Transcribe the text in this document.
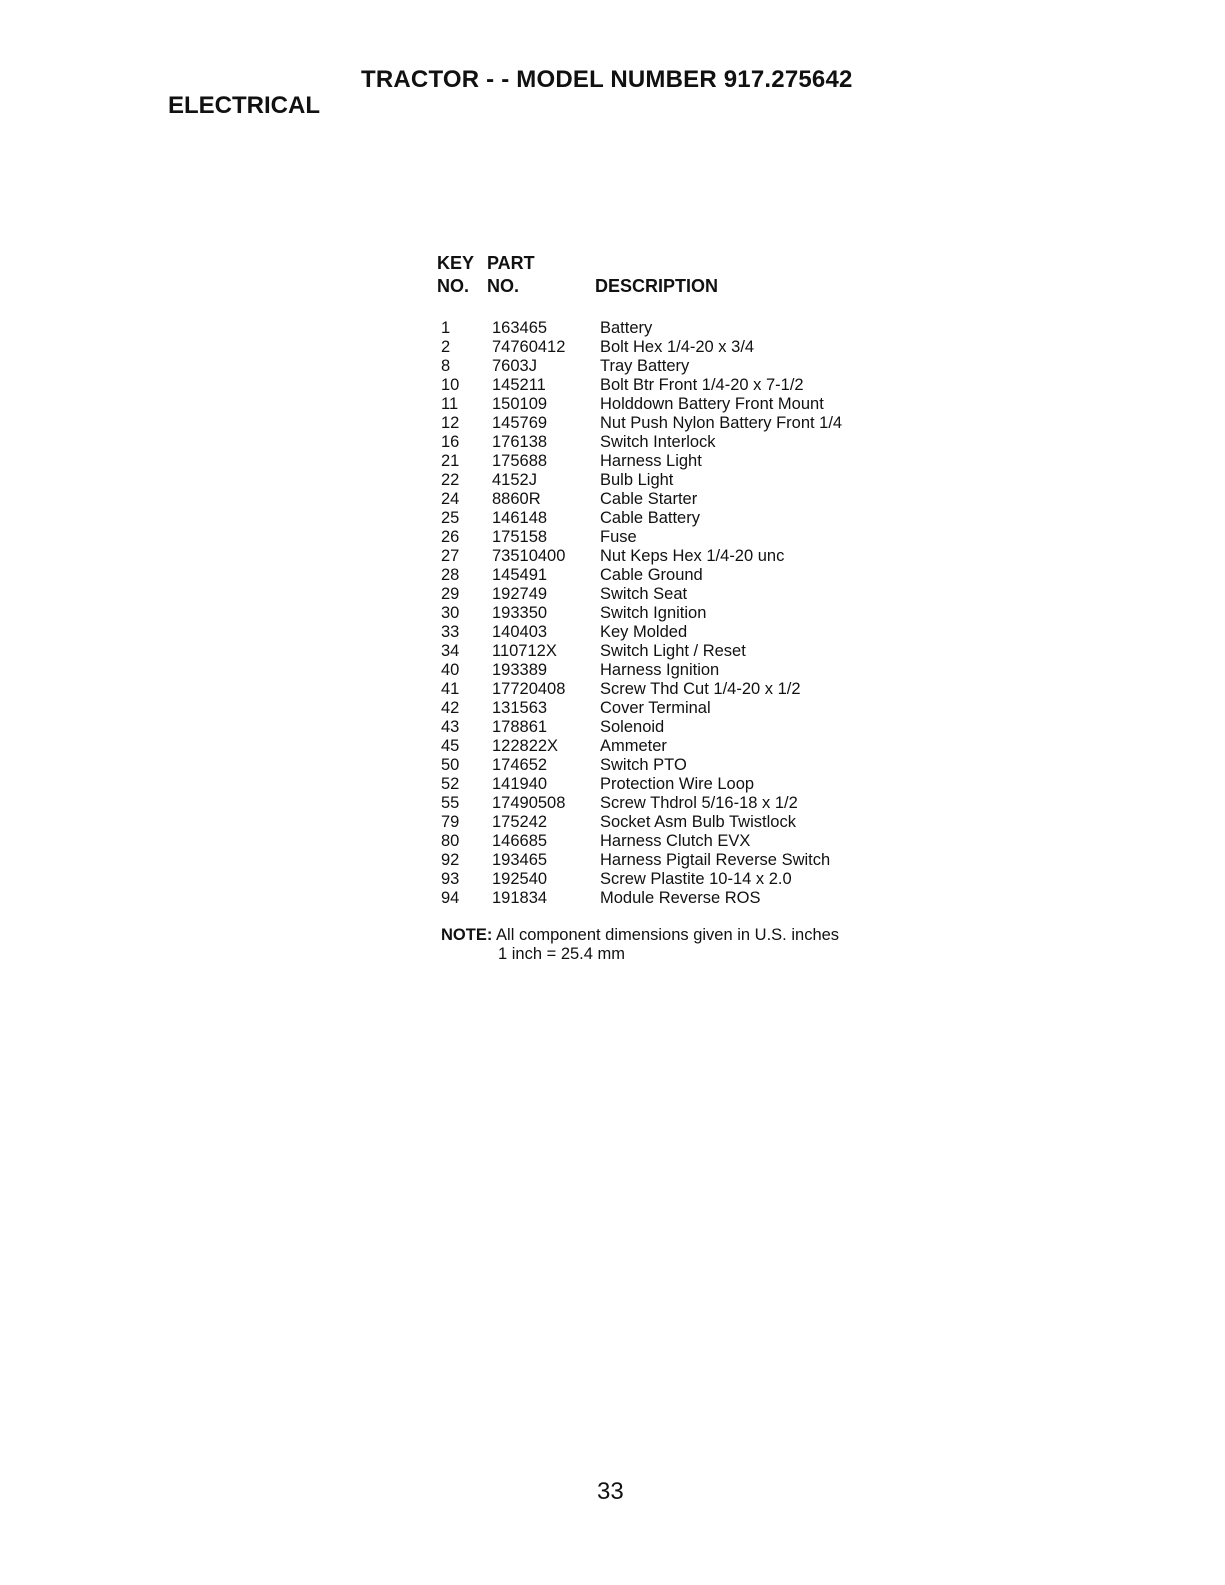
TRACTOR - - MODEL NUMBER 917.275642
ELECTRICAL
KEY
NO.
PART
NO.	DESCRIPTION
1	163465	Battery
2	74760412 Bolt Hex 1/4-20 x 3/4
8	7603J	Tray Battery
10 145211	Bolt Btr Front 1/4-20 x 7-1/2
11 150109	Holddown Battery Front Mount
12 145769	Nut Push Nylon Battery Front 1/4
16 176138	Switch Interlock
21 175688	Harness Light
22 4152J	Bulb Light
24 8860R	Cable Starter
25 146148	Cable Battery
26 175158	Fuse
27 73510400 Nut Keps Hex 1/4-20 unc
28 145491	Cable Ground
29 192749	Switch Seat
30 193350	Switch Ignition
33 140403	Key Molded
34 110712X	Switch Light / Reset
40 193389	Harness Ignition
41 17720408 Screw Thd Cut 1/4-20 x 1/2
42 131563	Cover Terminal
43 178861	Solenoid
45 122822X	Ammeter
50 174652	Switch PTO
52 141940	Protection Wire Loop
55 17490508 Screw Thdrol 5/16-18 x 1/2
79 175242	Socket Asm Bulb Twistlock
80 146685	Harness Clutch EVX
92 193465	Harness Pigtail Reverse Switch
93 192540	Screw Plastite 10-14 x 2.0
94 191834	Module Reverse ROS
NOTE: All component dimensions given in U.S. inches
1 inch = 25.4 mm
33
